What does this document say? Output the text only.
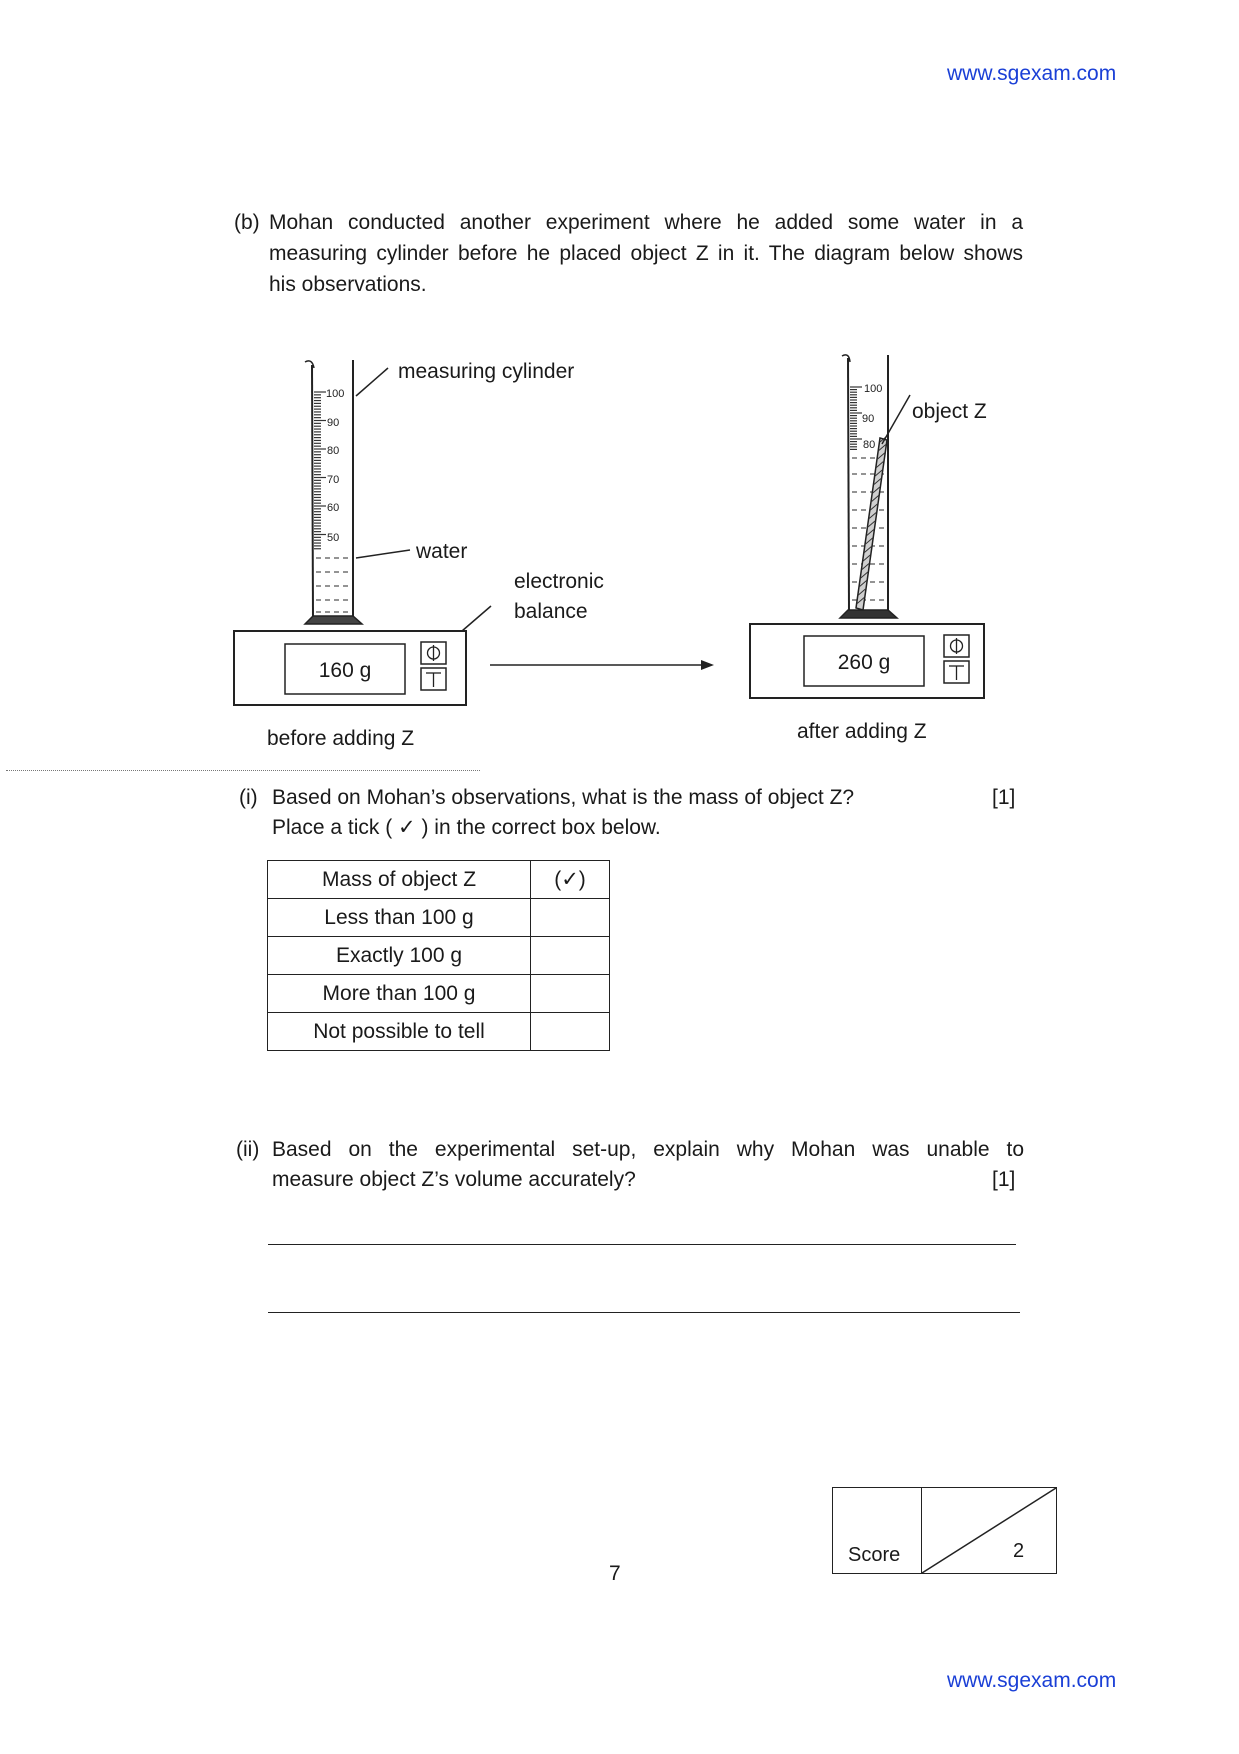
www.sgexam.com
www.sgexam.com
(b) Mohan conducted another experiment where he added some water in a
measuring cylinder before he placed object Z in it. The diagram below shows
his observations.
100
90
80
70
60
50
100
90
80
measuring cylinder
water
electronic
balance
object Z
160 g	260 g
before adding Z	after adding Z
(i) Based on Mohan’s observations, what is the mass of object Z?	[1]
Place a tick ( ✓ ) in the correct box below.
Mass of object Z	(✓)
Less than 100 g	
Exactly 100 g	
More than 100 g	
Not possible to tell	
(ii) Based on the experimental set-up, explain why Mohan was unable to
measure object Z’s volume accurately?	[1]
Score	2
7
